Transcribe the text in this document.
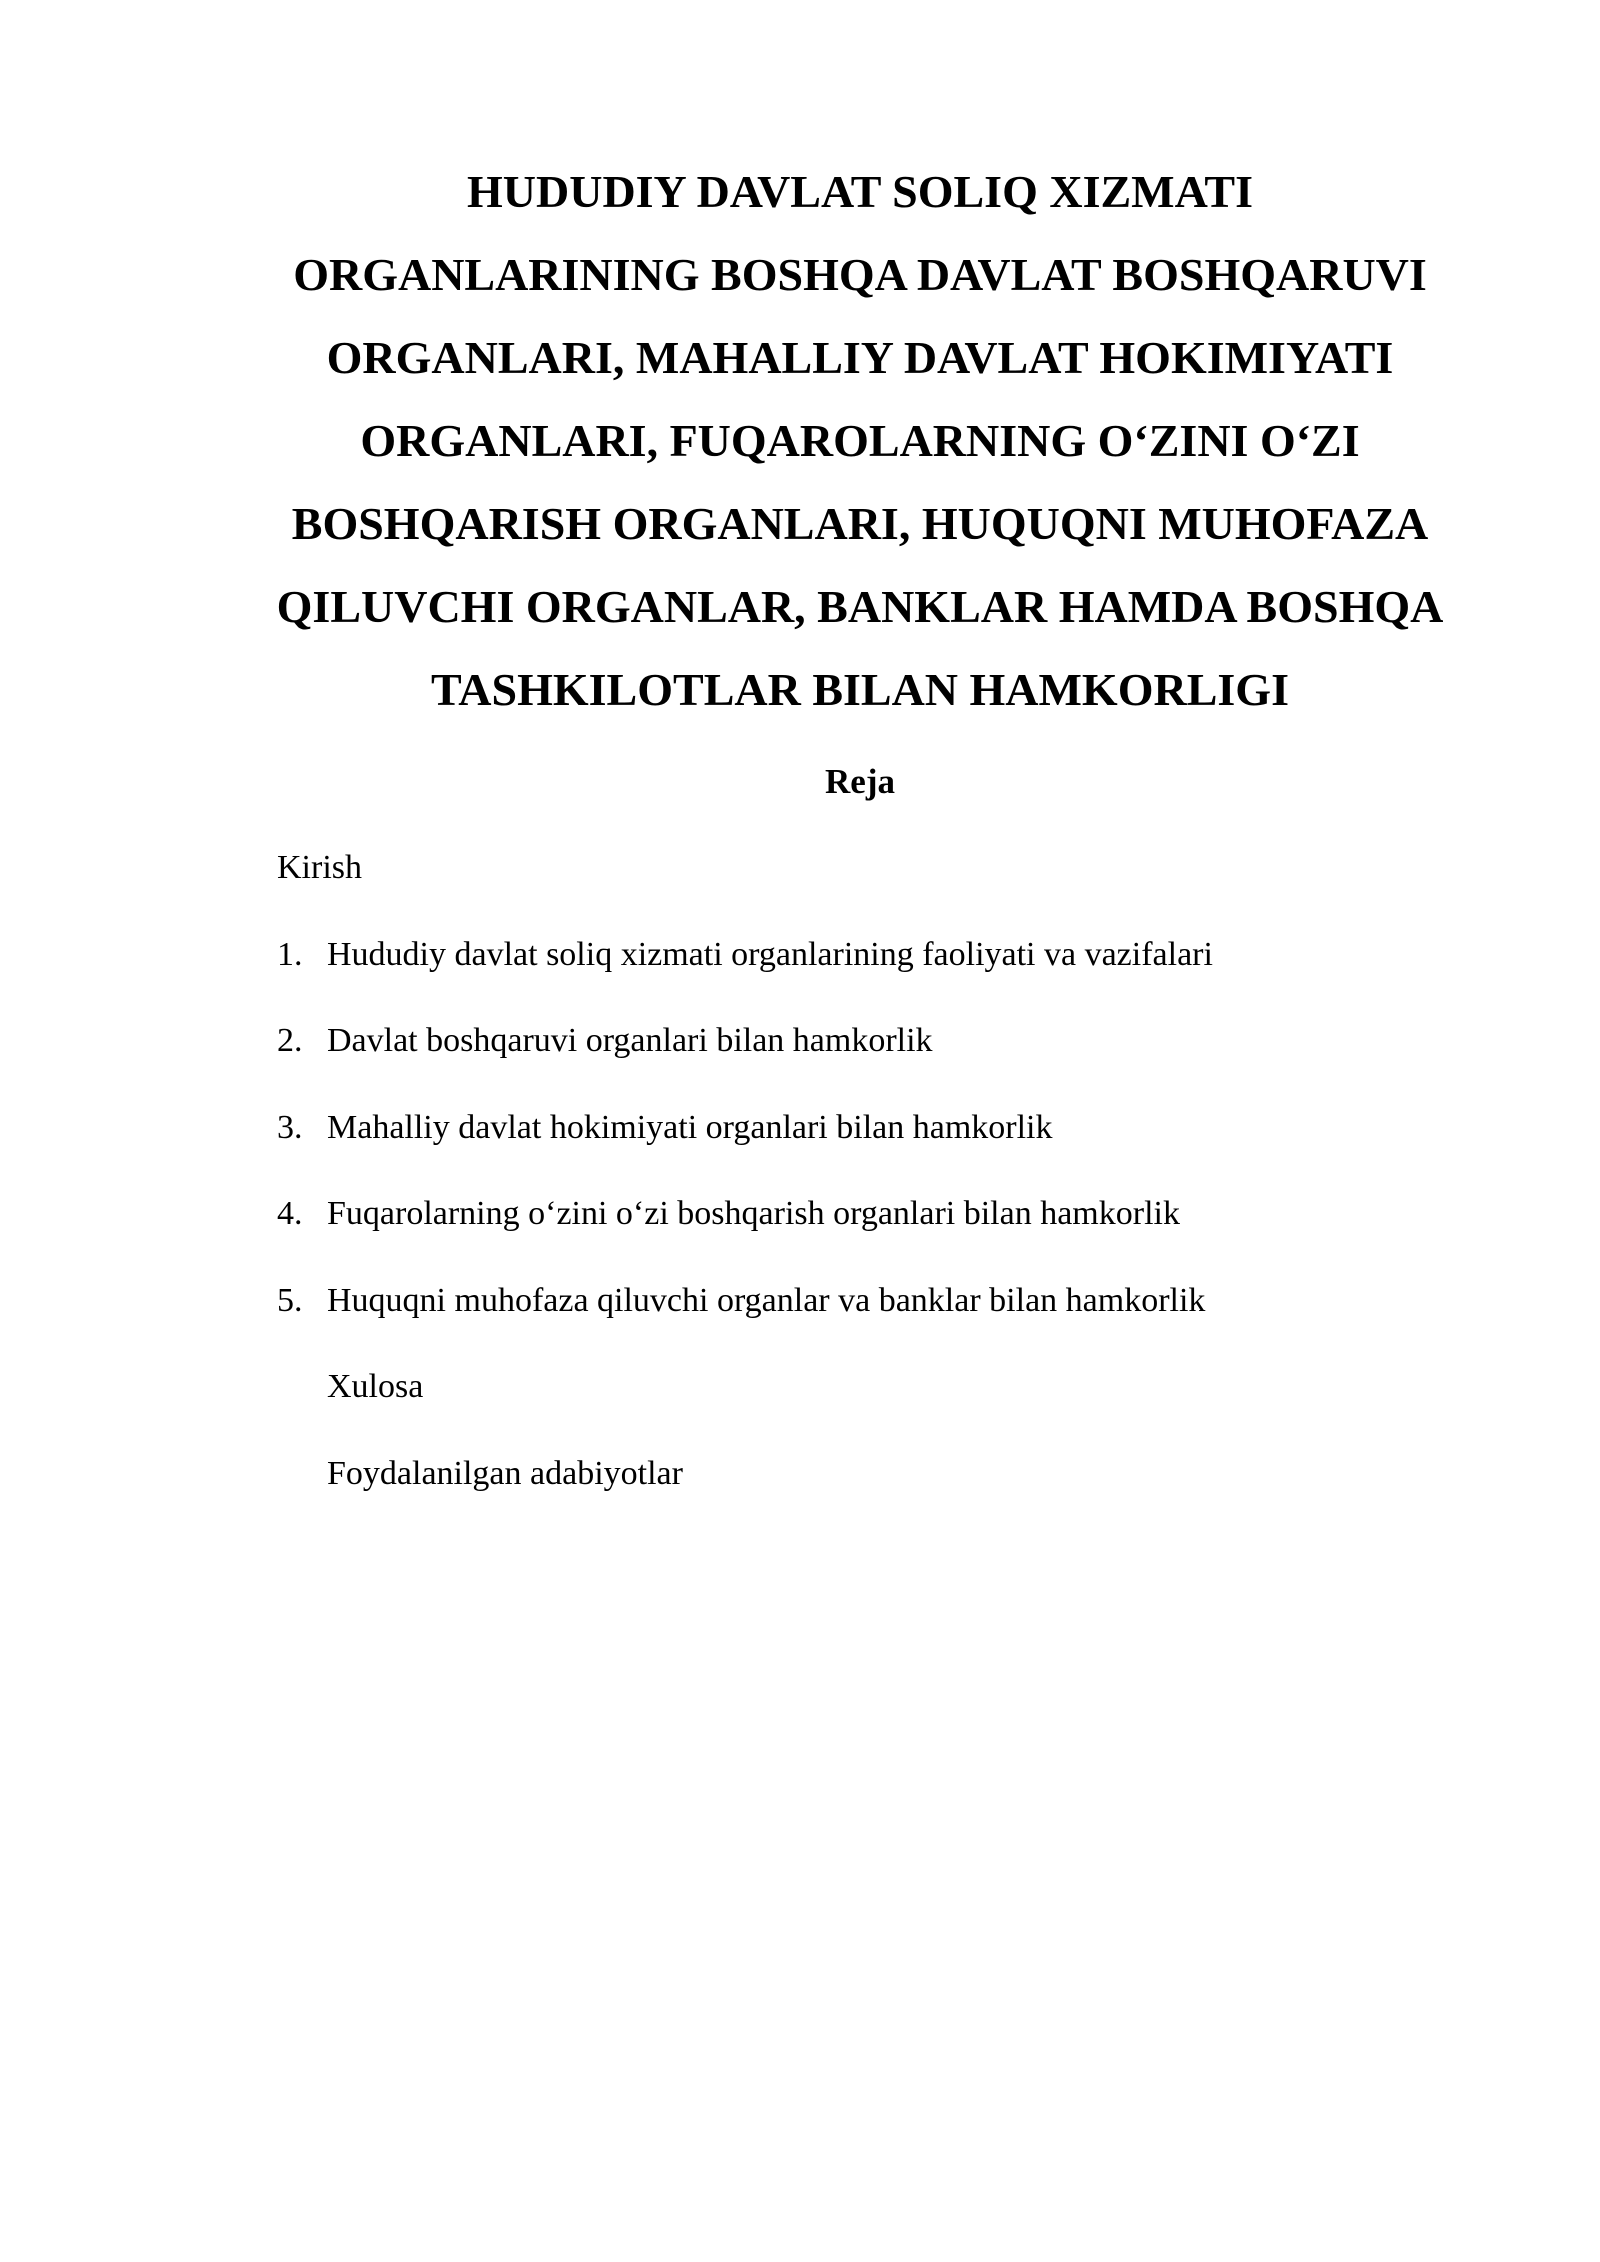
HUDUDIY DAVLAT SOLIQ XIZMATI
ORGANLARINING BOSHQA DAVLAT BOSHQARUVI
ORGANLARI, MAHALLIY DAVLAT HOKIMIYATI
ORGANLARI, FUQAROLARNING O‘ZINI O‘ZI
BOSHQARISH ORGANLARI, HUQUQNI MUHOFAZA
QILUVCHI ORGANLAR, BANKLAR HAMDA BOSHQA
TASHKILOTLAR BILAN HAMKORLIGI
Reja
Kirish
1. Hududiy davlat soliq xizmati organlarining faoliyati va vazifalari
2. Davlat boshqaruvi organlari bilan hamkorlik
3. Mahalliy davlat hokimiyati organlari bilan hamkorlik
4. Fuqarolarning o‘zini o‘zi boshqarish organlari bilan hamkorlik
5. Huquqni muhofaza qiluvchi organlar va banklar bilan hamkorlik
Xulosa
Foydalanilgan adabiyotlar
